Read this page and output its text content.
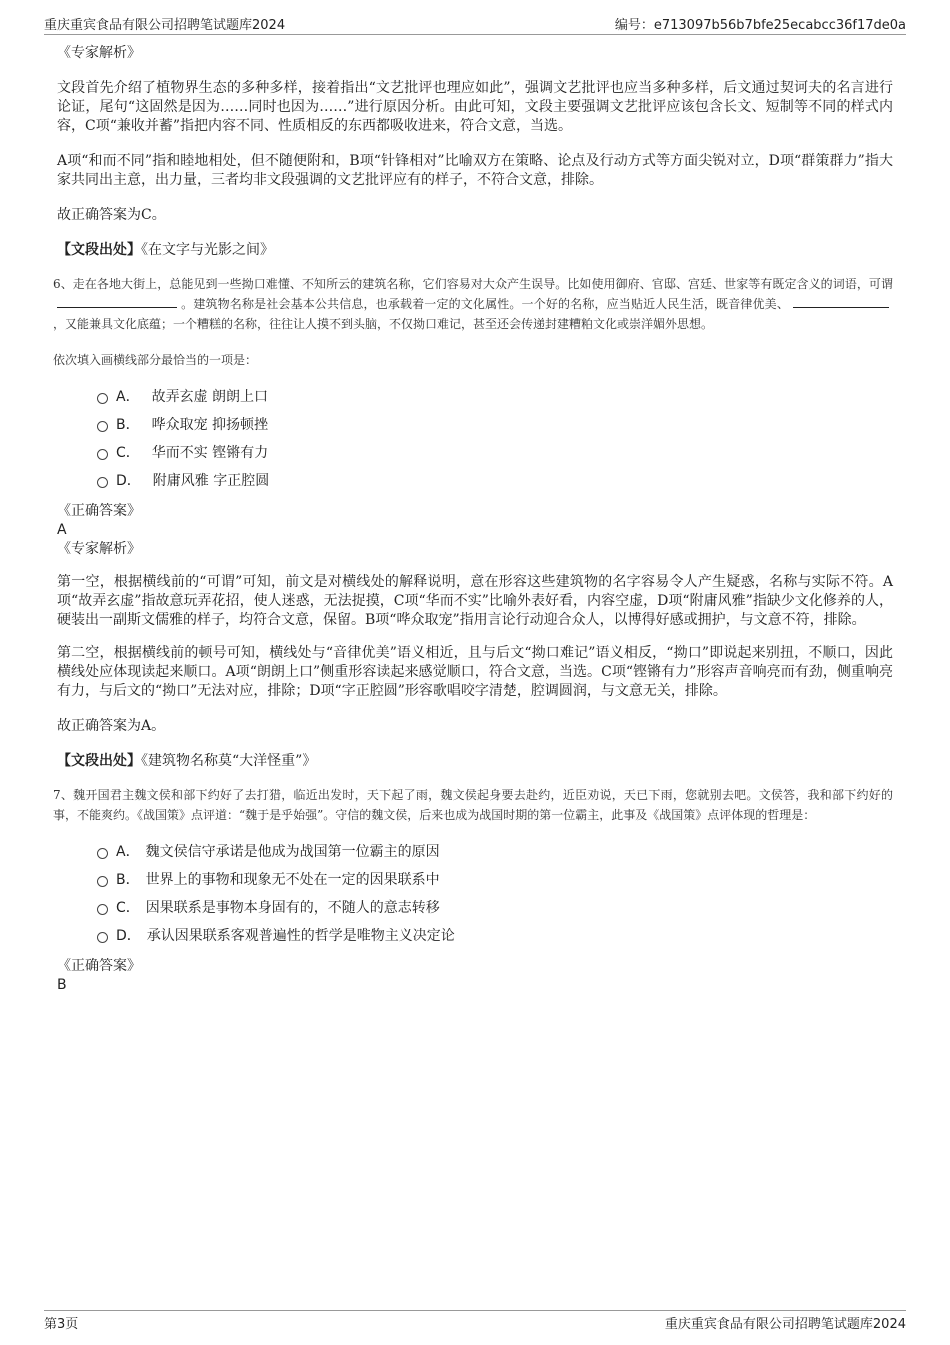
重庆重宾食品有限公司招聘笔试题库2024	编号：e713097b56b7bfe25ecabcc36f17de0a

《专家解析》

文段首先介绍了植物界生态的多种多样，接着指出“文艺批评也理应如此”，强调文艺批评也应当多种多样，后文通过契诃夫的名言进行论证，尾句“这固然是因为……同时也因为……”进行原因分析。由此可知，文段主要强调文艺批评应该包含长文、短制等不同的样式内容，C项“兼收并蓄”指把内容不同、性质相反的东西都吸收进来，符合文意，当选。

A项“和而不同”指和睦地相处，但不随便附和，B项“针锋相对”比喻双方在策略、论点及行动方式等方面尖锐对立，D项“群策群力”指大家共同出主意，出力量，三者均非文段强调的文艺批评应有的样子，不符合文意，排除。

故正确答案为C。

【文段出处】《在文字与光影之间》

6、走在各地大街上，总能见到一些拗口难懂、不知所云的建筑名称，它们容易对大众产生误导。比如使用御府、官邸、宫廷、世家等有既定含义的词语，可谓。建筑物名称是社会基本公共信息，也承载着一定的文化属性。一个好的名称，应当贴近人民生活，既音律优美、，又能兼具文化底蕴；一个糟糕的名称，往往让人摸不到头脑，不仅拗口难记，甚至还会传递封建糟粕文化或崇洋媚外思想。

依次填入画横线部分最恰当的一项是：

A． 故弄玄虚 朗朗上口
B． 哗众取宠 抑扬顿挫
C． 华而不实 铿锵有力
D． 附庸风雅 字正腔圆

《正确答案》

A

《专家解析》

第一空，根据横线前的“可谓”可知，前文是对横线处的解释说明，意在形容这些建筑物的名字容易令人产生疑惑，名称与实际不符。A项“故弄玄虚”指故意玩弄花招，使人迷惑，无法捉摸，C项“华而不实”比喻外表好看，内容空虚，D项“附庸风雅”指缺少文化修养的人，硬装出一副斯文儒雅的样子，均符合文意，保留。B项“哗众取宠”指用言论行动迎合众人，以博得好感或拥护，与文意不符，排除。

第二空，根据横线前的顿号可知，横线处与“音律优美”语义相近，且与后文“拗口难记”语义相反，“拗口”即说起来别扭，不顺口，因此横线处应体现读起来顺口。A项“朗朗上口”侧重形容读起来感觉顺口，符合文意，当选。C项“铿锵有力”形容声音响亮而有劲，侧重响亮有力，与后文的“拗口”无法对应，排除；D项“字正腔圆”形容歌唱咬字清楚，腔调圆润，与文意无关，排除。

故正确答案为A。

【文段出处】《建筑物名称莫“大洋怪重”》

7、魏开国君主魏文侯和部下约好了去打猎，临近出发时，天下起了雨，魏文侯起身要去赴约，近臣劝说，天已下雨，您就别去吧。文侯答，我和部下约好的事，不能爽约。《战国策》点评道：“魏于是乎始强”。守信的魏文侯，后来也成为战国时期的第一位霸主，此事及《战国策》点评体现的哲理是：

A． 魏文侯信守承诺是他成为战国第一位霸主的原因
B． 世界上的事物和现象无不处在一定的因果联系中
C． 因果联系是事物本身固有的，不随人的意志转移
D． 承认因果联系客观普遍性的哲学是唯物主义决定论

《正确答案》

B

第3页	重庆重宾食品有限公司招聘笔试题库2024
